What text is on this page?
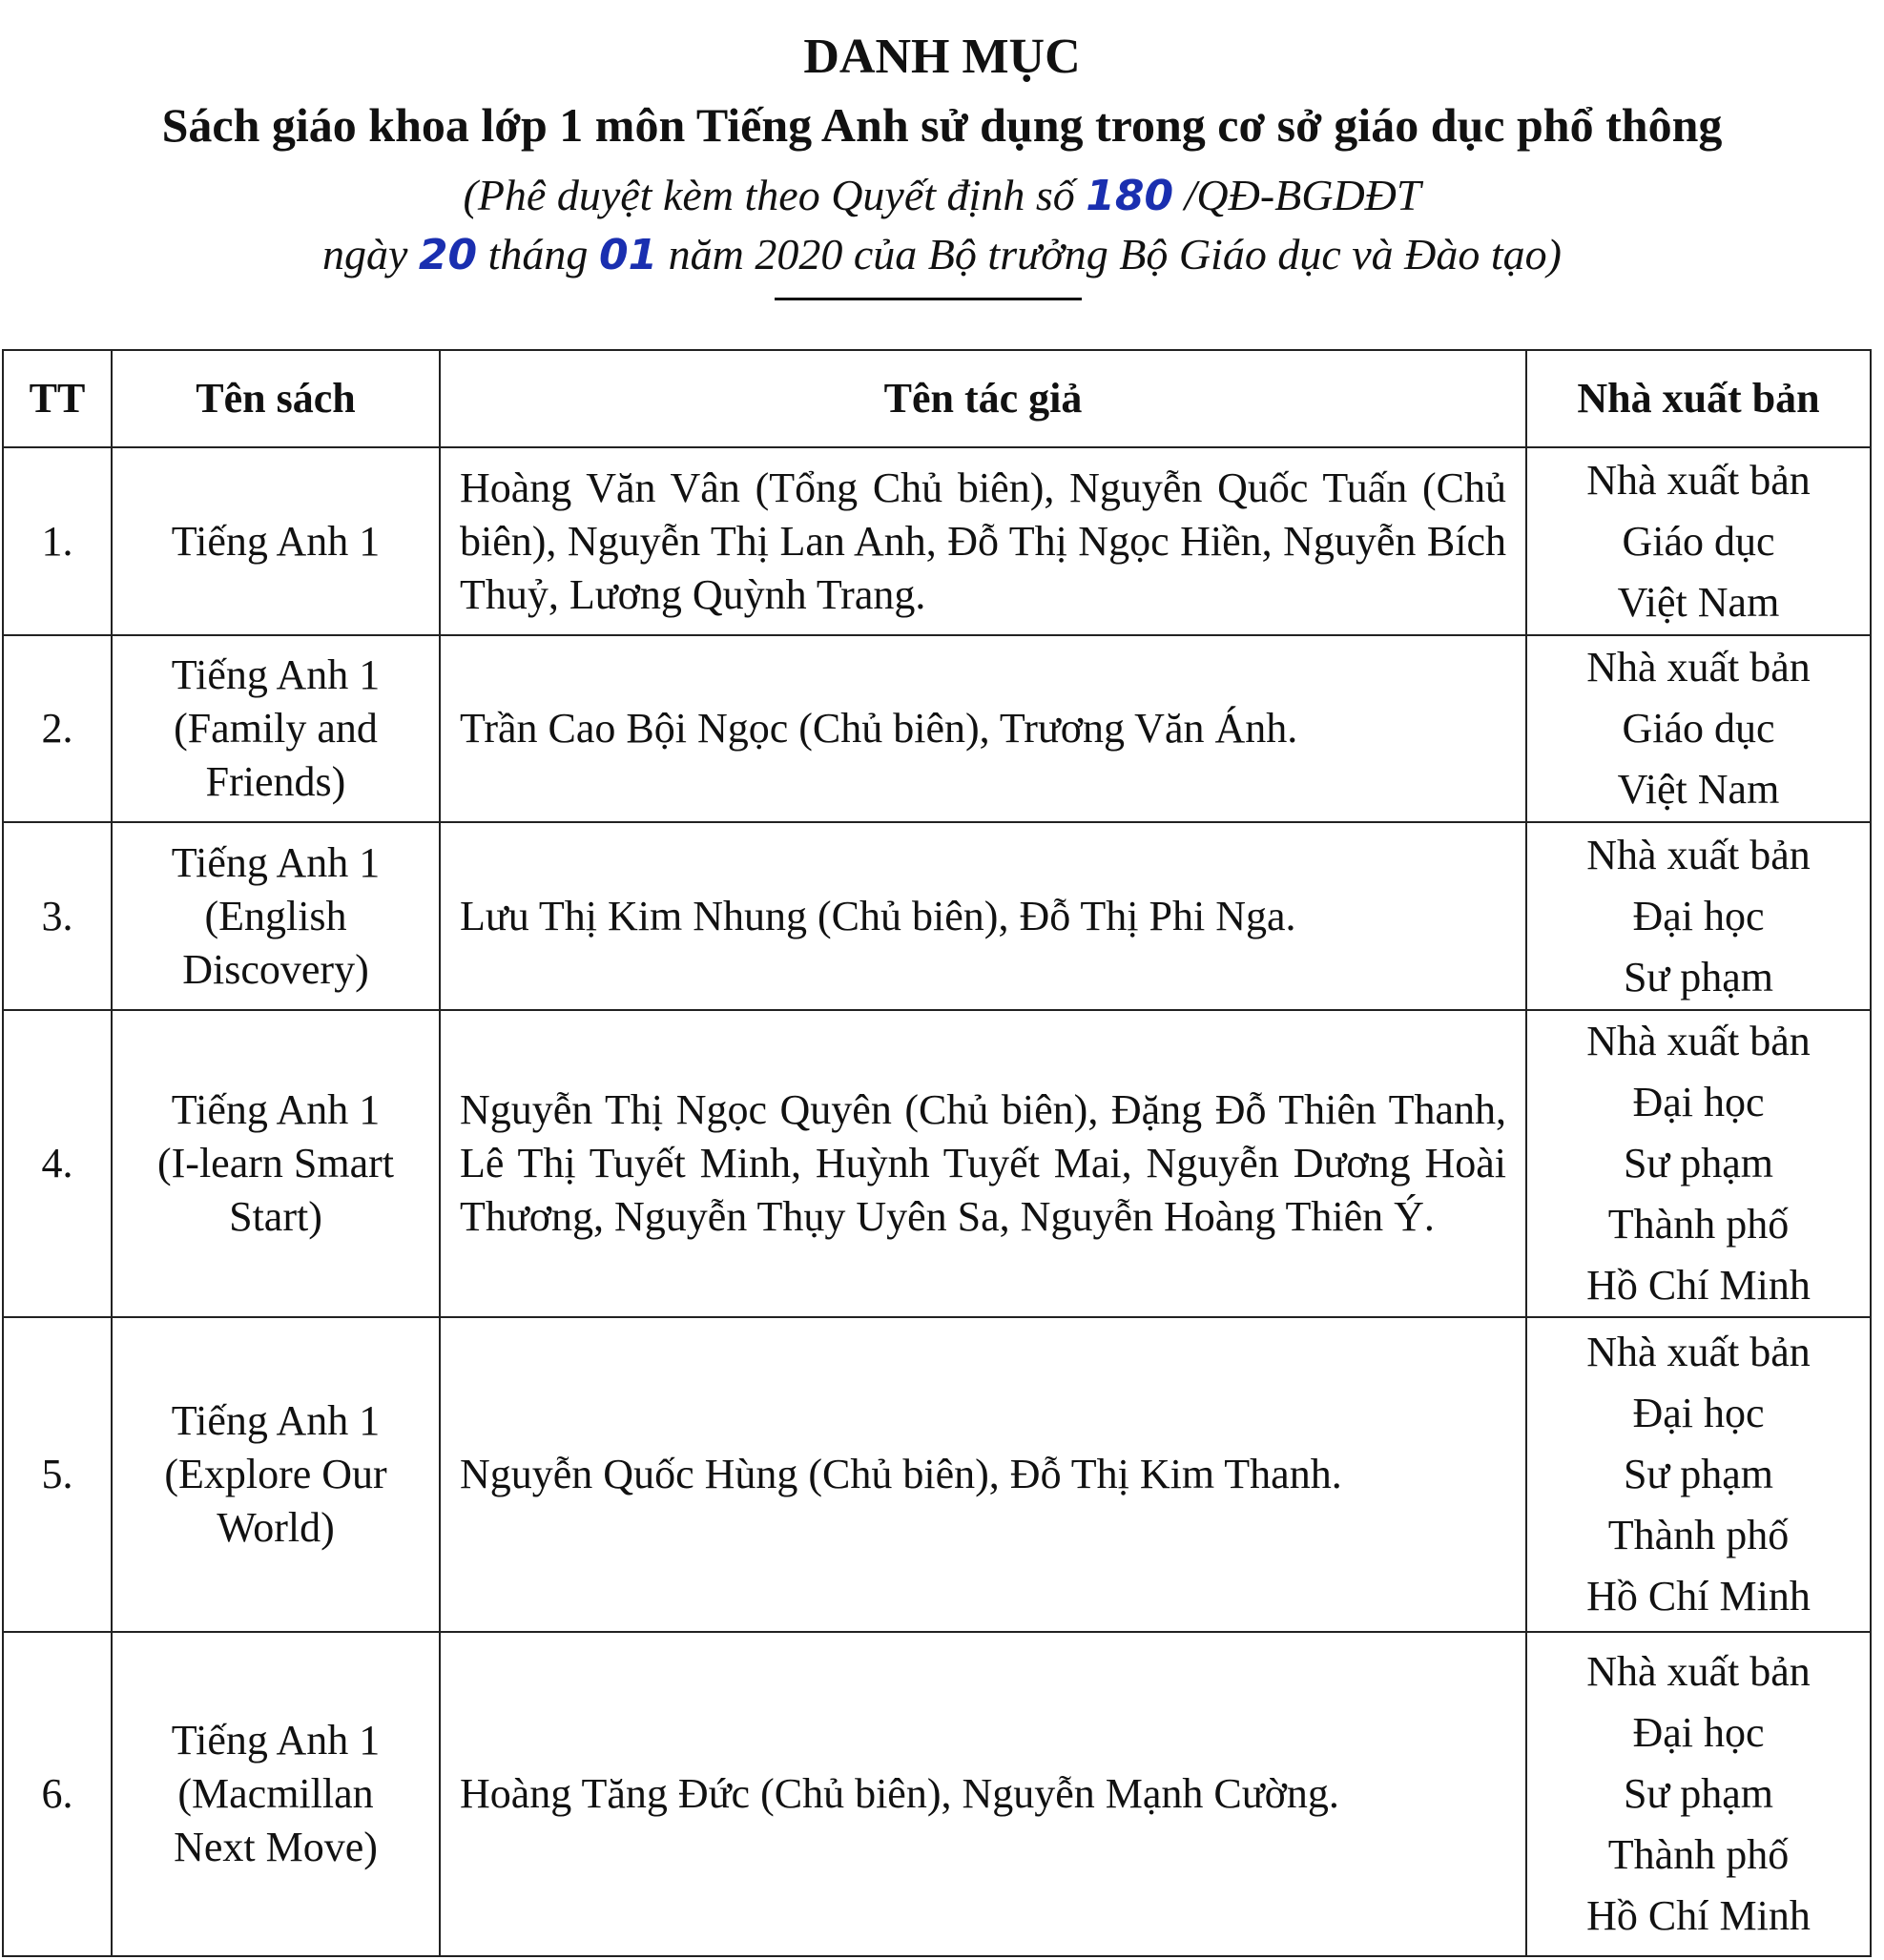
DANH MỤC
Sách giáo khoa lớp 1 môn Tiếng Anh sử dụng trong cơ sở giáo dục phổ thông
(Phê duyệt kèm theo Quyết định số 180 /QĐ-BGDĐT
ngày 20 tháng 01 năm 2020 của Bộ trưởng Bộ Giáo dục và Đào tạo)
TT	Tên sách	Tên tác giả	Nhà xuất bản
1.	Tiếng Anh 1	Hoàng Văn Vân (Tổng Chủ biên), Nguyễn Quốc Tuấn (Chủ biên), Nguyễn Thị Lan Anh, Đỗ Thị Ngọc Hiền, Nguyễn Bích Thuỷ, Lương Quỳnh Trang.	Nhà xuất bản
Giáo dục
Việt Nam

2.	Tiếng Anh 1
(Family and
Friends)	Trần Cao Bội Ngọc (Chủ biên), Trương Văn Ánh.	Nhà xuất bản
Giáo dục
Việt Nam

3.	Tiếng Anh 1
(English
Discovery)	Lưu Thị Kim Nhung (Chủ biên), Đỗ Thị Phi Nga.	Nhà xuất bản
Đại học
Sư phạm

4.	Tiếng Anh 1
(I-learn Smart
Start)	Nguyễn Thị Ngọc Quyên (Chủ biên), Đặng Đỗ Thiên Thanh, Lê Thị Tuyết Minh, Huỳnh Tuyết Mai, Nguyễn Dương Hoài Thương, Nguyễn Thụy Uyên Sa, Nguyễn Hoàng Thiên Ý.	Nhà xuất bản
Đại học
Sư phạm
Thành phố
Hồ Chí Minh

5.	Tiếng Anh 1
(Explore Our
World)	Nguyễn Quốc Hùng (Chủ biên), Đỗ Thị Kim Thanh.	Nhà xuất bản
Đại học
Sư phạm
Thành phố
Hồ Chí Minh

6.	Tiếng Anh 1
(Macmillan
Next Move)	Hoàng Tăng Đức (Chủ biên), Nguyễn Mạnh Cường.	Nhà xuất bản
Đại học
Sư phạm
Thành phố
Hồ Chí Minh
